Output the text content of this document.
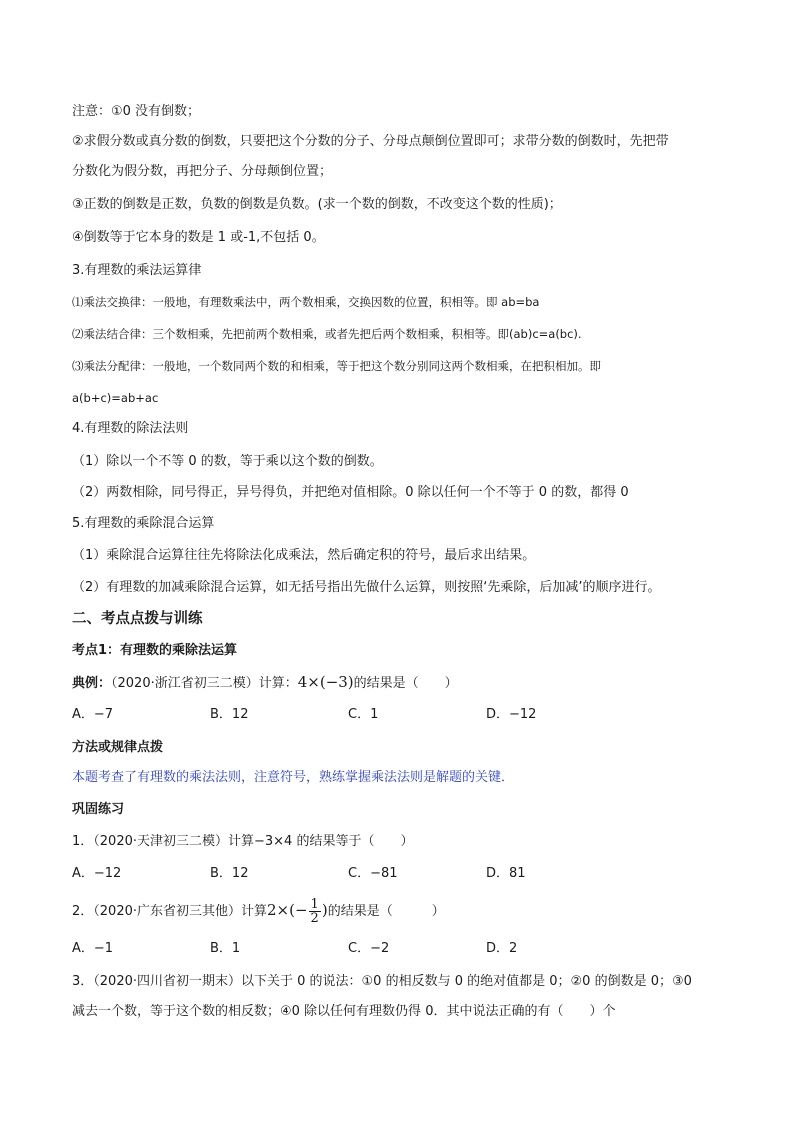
注意：①0 没有倒数；
②求假分数或真分数的倒数，只要把这个分数的分子、分母点颠倒位置即可；求带分数的倒数时，先把带
分数化为假分数，再把分子、分母颠倒位置；
③正数的倒数是正数，负数的倒数是负数。(求一个数的倒数，不改变这个数的性质)；
④倒数等于它本身的数是 1 或-1,不包括 0。
3.有理数的乘法运算律
⑴乘法交换律：一般地，有理数乘法中，两个数相乘，交换因数的位置，积相等。即 ab=ba
⑵乘法结合律：三个数相乘，先把前两个数相乘，或者先把后两个数相乘，积相等。即(ab)c=a(bc).
⑶乘法分配律：一般地，一个数同两个数的和相乘，等于把这个数分别同这两个数相乘，在把积相加。即
a(b+c)=ab+ac
4.有理数的除法法则
（1）除以一个不等 0 的数，等于乘以这个数的倒数。
（2）两数相除，同号得正，异号得负，并把绝对值相除。0 除以任何一个不等于 0 的数，都得 0
5.有理数的乘除混合运算
（1）乘除混合运算往往先将除法化成乘法，然后确定积的符号，最后求出结果。
（2）有理数的加减乘除混合运算，如无括号指出先做什么运算，则按照‘先乘除，后加减’的顺序进行。
二、考点点拨与训练
考点1：有理数的乘除法运算
典例：（2020·浙江省初三二模）计算：4×(−3)的结果是（　　）
A．−7	B．12	C．1	D．−12
方法或规律点拨
本题考查了有理数的乘法法则，注意符号，熟练掌握乘法法则是解题的关键．
巩固练习
1．（2020·天津初三二模）计算−3×4 的结果等于（　　）
A．−12	B．12	C．−81	D．81
2．（2020·广东省初三其他）计算$2\times(- \frac{1}{2}$ )的结果是（　　　）
A．−1	B．1	C．−2	D．2
3．（2020·四川省初一期末）以下关于 0 的说法：①0 的相反数与 0 的绝对值都是 0；②0 的倒数是 0；③0
减去一个数，等于这个数的相反数；④0 除以任何有理数仍得 0．其中说法正确的有（　　）个
